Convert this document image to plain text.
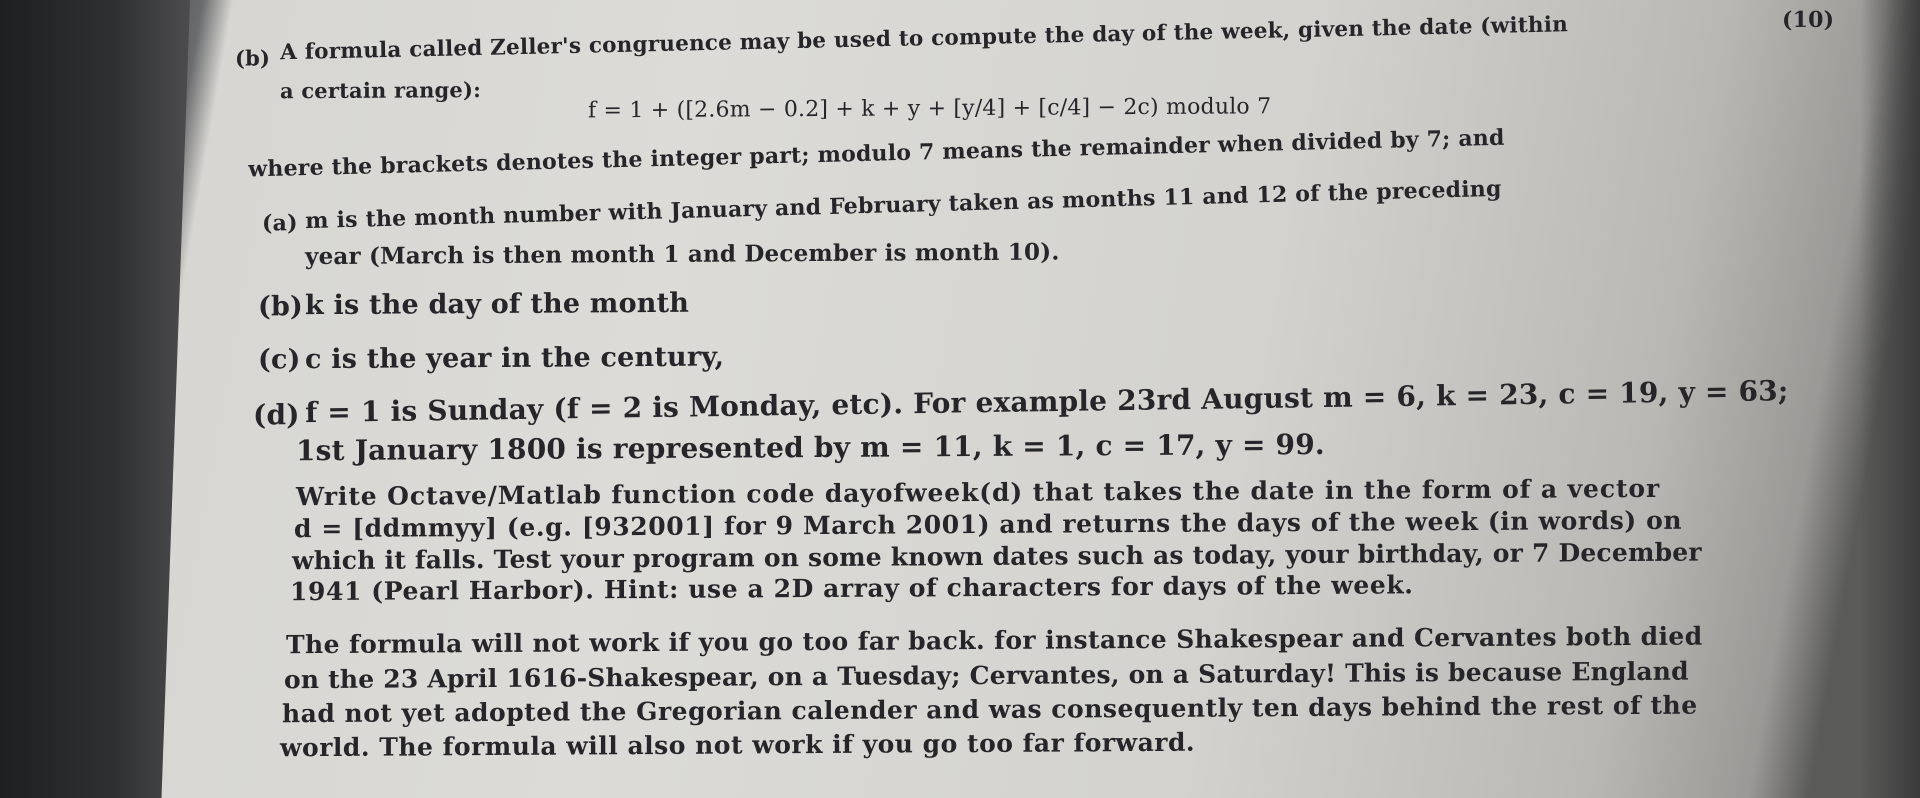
(b) A formula called Zeller's congruence may be used to compute the day of the week, given the date (within	(10)
a certain range):
f = 1 + ([2.6m − 0.2] + k + y + [y/4] + [c/4] − 2c) modulo 7
where the brackets denotes the integer part; modulo 7 means the remainder when divided by 7; and
(a) m is the month number with January and February taken as months 11 and 12 of the preceding
year (March is then month 1 and December is month 10).
(b) k is the day of the month
(c) c is the year in the century,
(d) f = 1 is Sunday (f = 2 is Monday, etc). For example 23rd August m = 6, k = 23, c = 19, y = 63;
1st January 1800 is represented by m = 11, k = 1, c = 17, y = 99.
Write Octave/Matlab function code dayofweek(d) that takes the date in the form of a vector
d = [ddmmyy] (e.g. [932001] for 9 March 2001) and returns the days of the week (in words) on
which it falls. Test your program on some known dates such as today, your birthday, or 7 December
1941 (Pearl Harbor). Hint: use a 2D array of characters for days of the week.
The formula will not work if you go too far back. for instance Shakespear and Cervantes both died
on the 23 April 1616-Shakespear, on a Tuesday; Cervantes, on a Saturday! This is because England
had not yet adopted the Gregorian calender and was consequently ten days behind the rest of the
world. The formula will also not work if you go too far forward.
